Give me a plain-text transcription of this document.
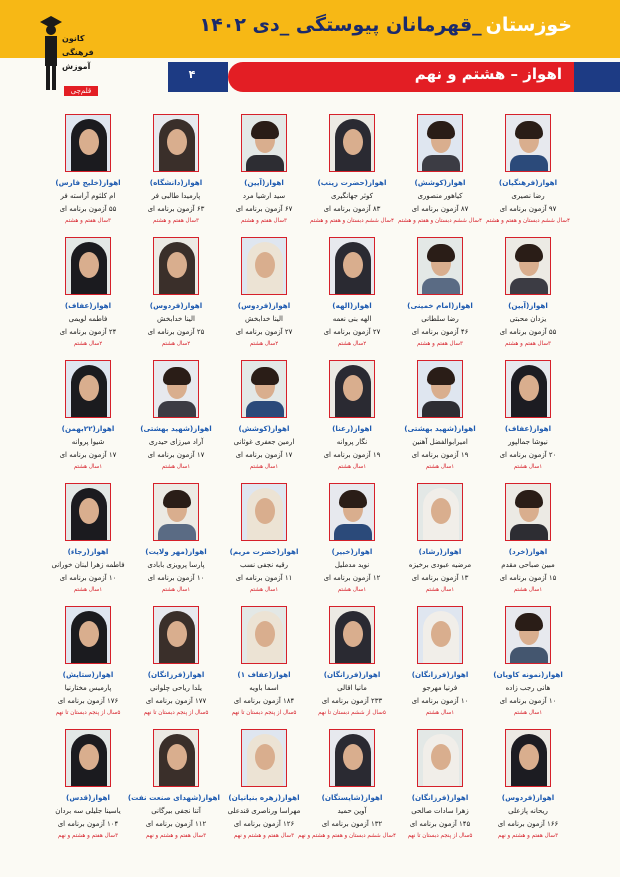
کانون
فرهنگی
آموزش
قلم‌چی
خوزستان_قهرمانان پیوستگی _دی ۱۴۰۲
اهواز – هشتم و نهم
۴
اهواز(فرهنگیان)
رضا نصیری
۹۷ آزمون برنامه ای
۴سال ششم دبستان و هفتم و هشتم
اهواز(کوشش)
کیاهور منصوری
۸۷ آزمون برنامه ای
۴سال ششم دبستان و هفتم و هشتم
اهواز(حضرت زینب)
کوثر جهانگیری
۸۳ آزمون برنامه ای
۴سال ششم دبستان و هفتم و هشتم
اهواز(آیین)
سید ارشیا مرد
۶۷ آزمون برنامه ای
۳سال هفتم و هشتم
اهواز(دانشگاه)
پارمیدا طالبی فر
۶۳ آزمون برنامه ای
۳سال هفتم و هشتم
اهواز(خلیج فارس)
ام کلثوم آراسته فر
۵۵ آزمون برنامه ای
۳سال هفتم و هشتم
اهواز(آیین)
یزدان محبتی
۵۵ آزمون برنامه ای
۳سال هفتم و هشتم
اهواز(امام خمینی)
رضا سلطانی
۴۶ آزمون برنامه ای
۳سال هفتم و هشتم
اهواز(الهه)
الهه بنی نعمه
۲۷ آزمون برنامه ای
۲سال هشتم
اهواز(فردوس)
الینا خدابخش
۲۷ آزمون برنامه ای
۲سال هشتم
اهواز(فردوس)
الینا خدابخش
۲۵ آزمون برنامه ای
۲سال هشتم
اهواز(عفاف)
فاطمه لویمی
۲۴ آزمون برنامه ای
۲سال هشتم
اهواز(عفاف)
نیوشا جمالپور
۲۰ آزمون برنامه ای
۱سال هشتم
اهواز(شهید بهشتی)
امیرابوالفضل آهنین
۱۹ آزمون برنامه ای
۱سال هشتم
اهواز(رعنا)
نگار پروانه
۱۹ آزمون برنامه ای
۱سال هشتم
اهواز(کوشش)
ارمین جعفری غوثانی
۱۷ آزمون برنامه ای
۱سال هشتم
اهواز(شهید بهشتی)
آراد میرزای حیدری
۱۷ آزمون برنامه ای
۱سال هشتم
اهواز(۲۲بهمن)
شیوا پروانه
۱۷ آزمون برنامه ای
۱سال هشتم
اهواز(خرد)
مبین صباحی مقدم
۱۵ آزمون برنامه ای
۱سال هشتم
اهواز(رشاد)
مرضیه عبودی برخیزه
۱۳ آزمون برنامه ای
۱سال هشتم
اهواز(خبیر)
نوید مدملیل
۱۲ آزمون برنامه ای
۱سال هشتم
اهواز(حضرت مریم)
رقیه نجفی نسب
۱۱ آزمون برنامه ای
۱سال هشتم
اهواز(مهر ولایت)
پارسا پرویزی بابادی
۱۰ آزمون برنامه ای
۱سال هشتم
اهواز(رجاء)
فاطمه زهرا لبنان خورانی
۱۰ آزمون برنامه ای
۱سال هشتم
اهواز(نمونه کاویان)
هانی رجب زاده
۱۰ آزمون برنامه ای
۱سال هشتم
اهواز(فرزانگان)
فرنیا مهرجو
۱۰ آزمون برنامه ای
۱سال هشتم
اهواز(فرزانگان)
مانیا اقالی
۲۳۳ آزمون برنامه ای
۵سال از ششم دبستان تا نهم
اهواز(عفاف ۱)
اسما باویه
۱۸۴ آزمون برنامه ای
۵سال از پنجم دبستان تا نهم
اهواز(فرزانگان)
یلدا ریاحی چلوانی
۱۷۷ آزمون برنامه ای
۵سال از پنجم دبستان تا نهم
اهواز(ستایش)
پارمیس مختارنیا
۱۷۶ آزمون برنامه ای
۵سال از پنجم دبستان تا نهم
اهواز(فردوس)
ریحانه پازعلی
۱۶۶ آزمون برنامه ای
۳سال هفتم و هشتم و نهم
اهواز(فرزانگان)
زهرا سادات صالحی
۱۴۵ آزمون برنامه ای
۵سال از پنجم دبستان تا نهم
اهواز(شایستگان)
آوین حمید
۱۳۲ آزمون برنامه ای
۴سال ششم دبستان و هفتم و هشتم و نهم
اهواز(زهره بنیانیان)
مهراسا ورناصری قندعلی
۱۲۶ آزمون برنامه ای
۳سال هفتم و هشتم و نهم
اهواز(شهدای صنعت نفت)
آتنا نجفی بیرگانی
۱۱۲ آزمون برنامه ای
۳سال هفتم و هشتم و نهم
اهواز(قدس)
یاسینا جلیلی سه بردان
۱۰۴ آزمون برنامه ای
۳سال هفتم و هشتم و نهم
